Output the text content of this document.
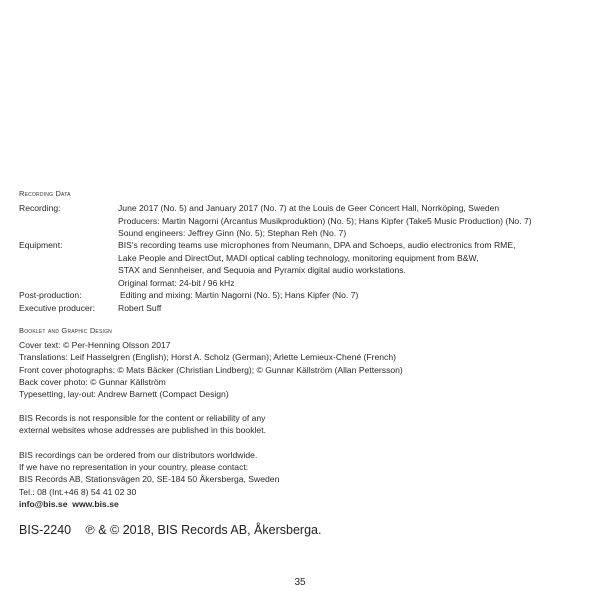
Recording Data
Recording:	June 2017 (No. 5) and January 2017 (No. 7) at the Louis de Geer Concert Hall, Norrköping, Sweden
Producers: Martin Nagorni (Arcantus Musikproduktion) (No. 5); Hans Kipfer (Take5 Music Production) (No. 7)
Sound engineers: Jeffrey Ginn (No. 5); Stephan Reh (No. 7)
Equipment:	BIS's recording teams use microphones from Neumann, DPA and Schoeps, audio electronics from RME,
Lake People and DirectOut, MADI optical cabling technology, monitoring equipment from B&W,
STAX and Sennheiser, and Sequoia and Pyramix digital audio workstations.
Original format: 24-bit / 96 kHz
Post-production:	Editing and mixing: Martin Nagorni (No. 5); Hans Kipfer (No. 7)
Executive producer:	Robert Suff
Booklet and Graphic Design
Cover text: © Per-Henning Olsson 2017
Translations: Leif Hasselgren (English); Horst A. Scholz (German); Arlette Lemieux-Chené (French)
Front cover photographs: © Mats Bäcker (Christian Lindberg); © Gunnar Källström (Allan Pettersson)
Back cover photo: © Gunnar Källström
Typesetting, lay-out: Andrew Barnett (Compact Design)
BIS Records is not responsible for the content or reliability of any
external websites whose addresses are published in this booklet.
BIS recordings can be ordered from our distributors worldwide.
If we have no representation in your country, please contact:
BIS Records AB, Stationsvägen 20, SE-184 50 Åkersberga, Sweden
Tel.: 08 (Int.+46 8) 54 41 02 30
info@bis.se www.bis.se
BIS-2240 ℗ & © 2018, BIS Records AB, Åkersberga.
35
